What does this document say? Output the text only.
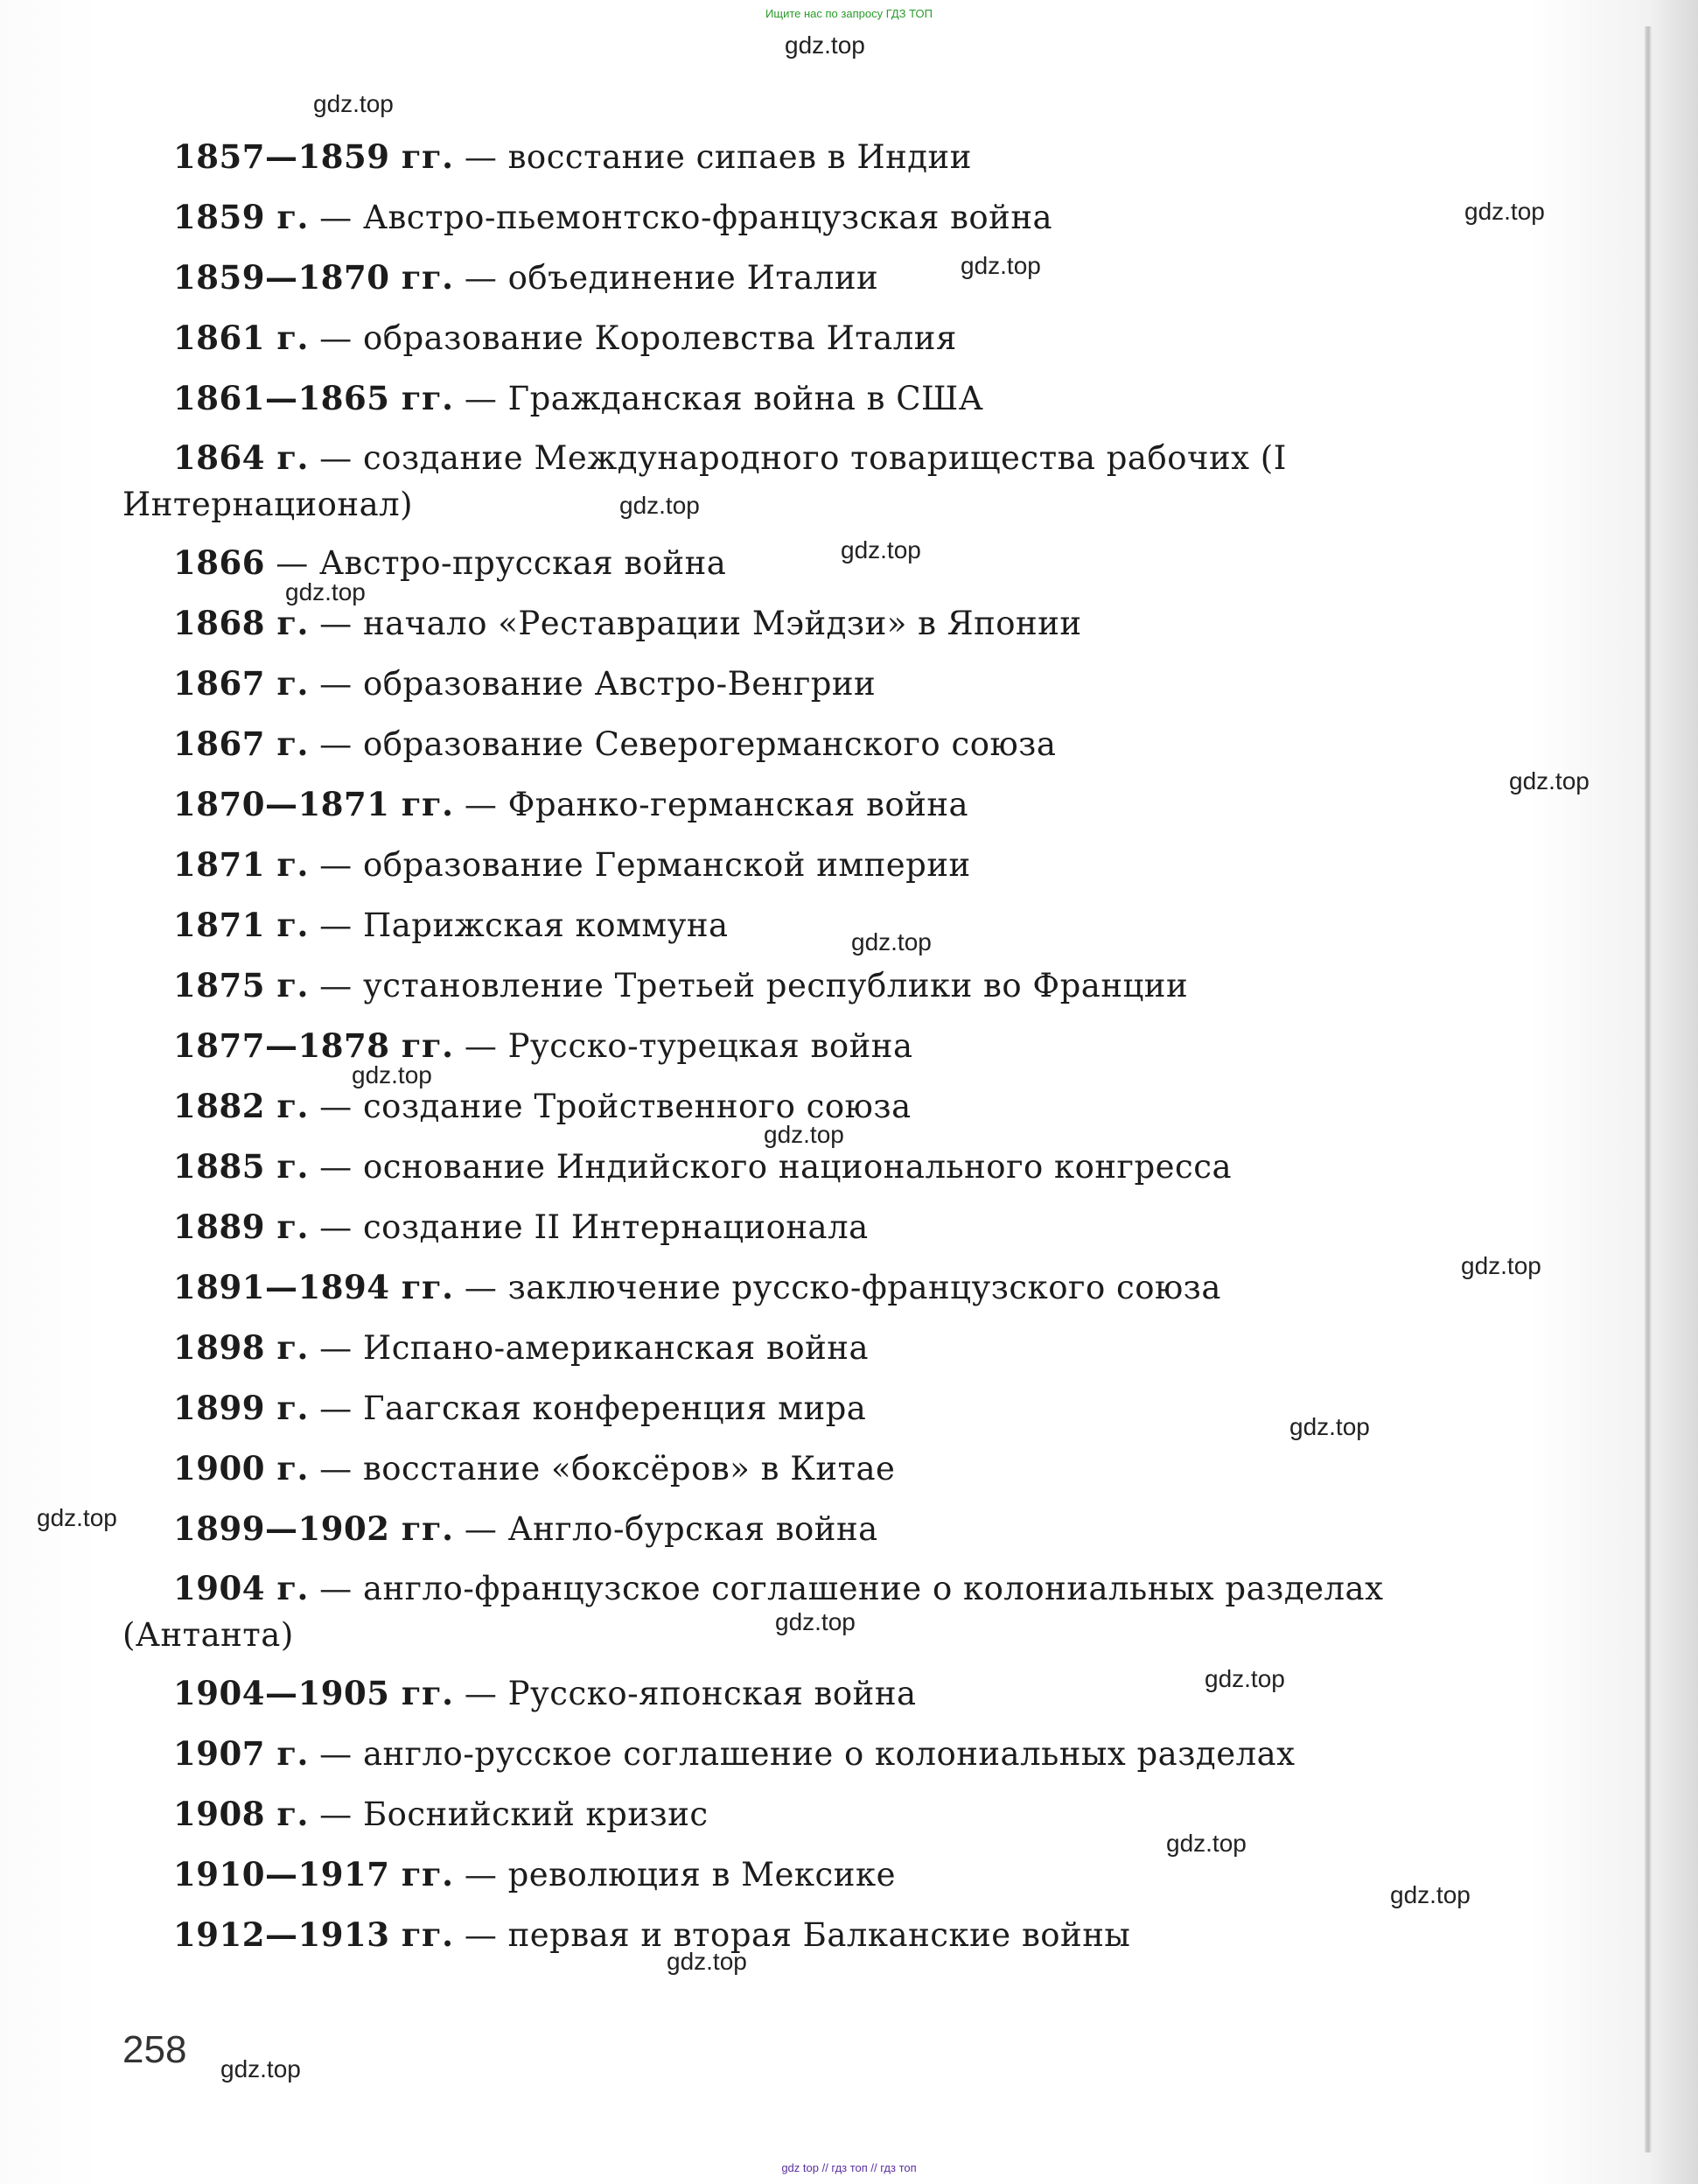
Ищите нас по запросу ГДЗ ТОП
1857—1859 гг. — восстание сипаев в Индии
1859 г. — Австро-пьемонтско-французская война
1859—1870 гг. — объединение Италии
1861 г. — образование Королевства Италия
1861—1865 гг. — Гражданская война в США
1864 г. — создание Международного товарищества рабочих (I Интернационал)
1866 — Австро-прусская война
1868 г. — начало «Реставрации Мэйдзи» в Японии
1867 г. — образование Австро-Венгрии
1867 г. — образование Северогерманского союза
1870—1871 гг. — Франко-германская война
1871 г. — образование Германской империи
1871 г. — Парижская коммуна
1875 г. — установление Третьей республики во Франции
1877—1878 гг. — Русско-турецкая война
1882 г. — создание Тройственного союза
1885 г. — основание Индийского национального конгресса
1889 г. — создание II Интернационала
1891—1894 гг. — заключение русско-французского союза
1898 г. — Испано-американская война
1899 г. — Гаагская конференция мира
1900 г. — восстание «боксёров» в Китае
1899—1902 гг. — Англо-бурская война
1904 г. — англо-французское соглашение о колониальных разделах (Антанта)
1904—1905 гг. — Русско-японская война
1907 г. — англо-русское соглашение о колониальных разделах
1908 г. — Боснийский кризис
1910—1917 гг. — революция в Мексике
1912—1913 гг. — первая и вторая Балканские войны
258
gdz.top
gdz.top
gdz.top
gdz.top
gdz.top
gdz.top
gdz.top
gdz.top
gdz.top
gdz.top
gdz.top
gdz.top
gdz.top
gdz.top
gdz.top
gdz.top
gdz.top
gdz.top
gdz.top
gdz.top
gdz top // гдз топ // гдз топ
